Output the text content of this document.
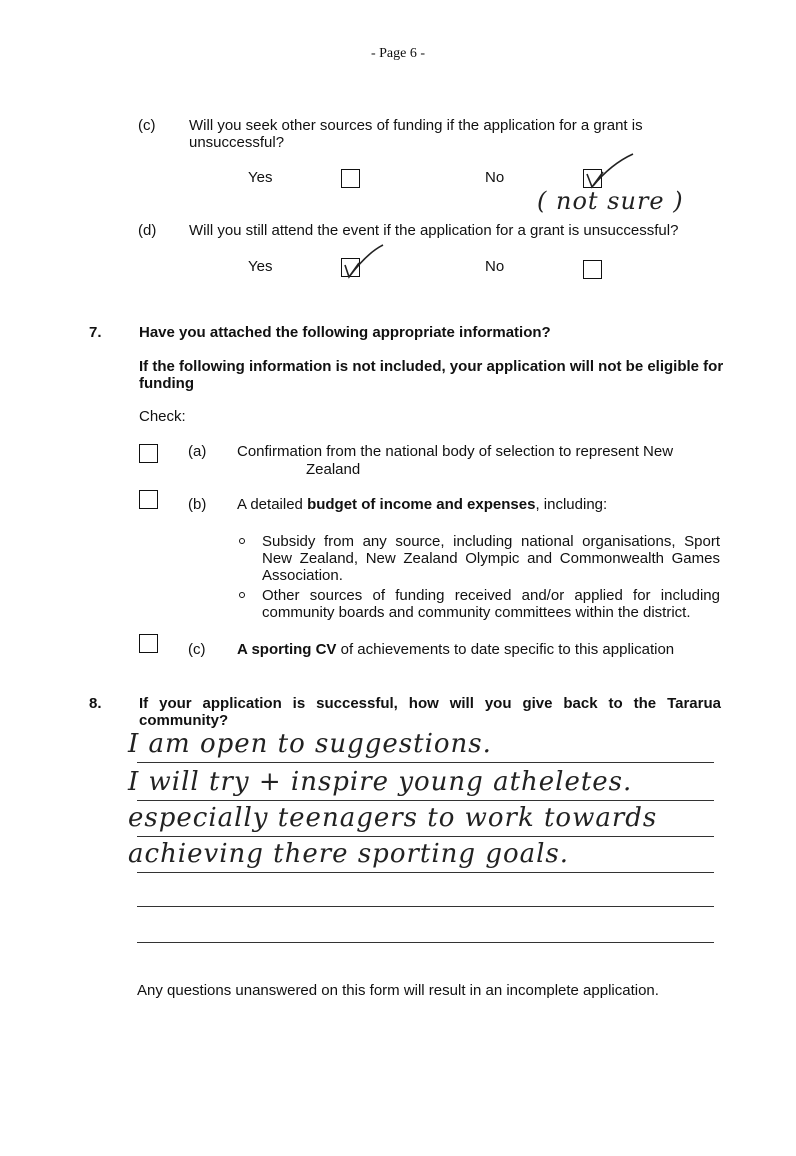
- Page 6 -
(c) Will you seek other sources of funding if the application for a grant is unsuccessful?
Yes	No
( not sure )
(d) Will you still attend the event if the application for a grant is unsuccessful?
Yes	No
7. Have you attached the following appropriate information?
If the following information is not included, your application will not be eligible for funding
Check:
(a) Confirmation from the national body of selection to represent New
Zealand
(b) A detailed budget of income and expenses, including:
Subsidy from any source, including national organisations, Sport New Zealand, New Zealand Olympic and Commonwealth Games Association.
Other sources of funding received and/or applied for including community boards and community committees within the district.
(c) A sporting CV of achievements to date specific to this application
8. If your application is successful, how will you give back to the Tararua community?
I am open to suggestions.
I will try + inspire young atheletes.
especially teenagers to work towards
achieving there sporting goals.
Any questions unanswered on this form will result in an incomplete application.
